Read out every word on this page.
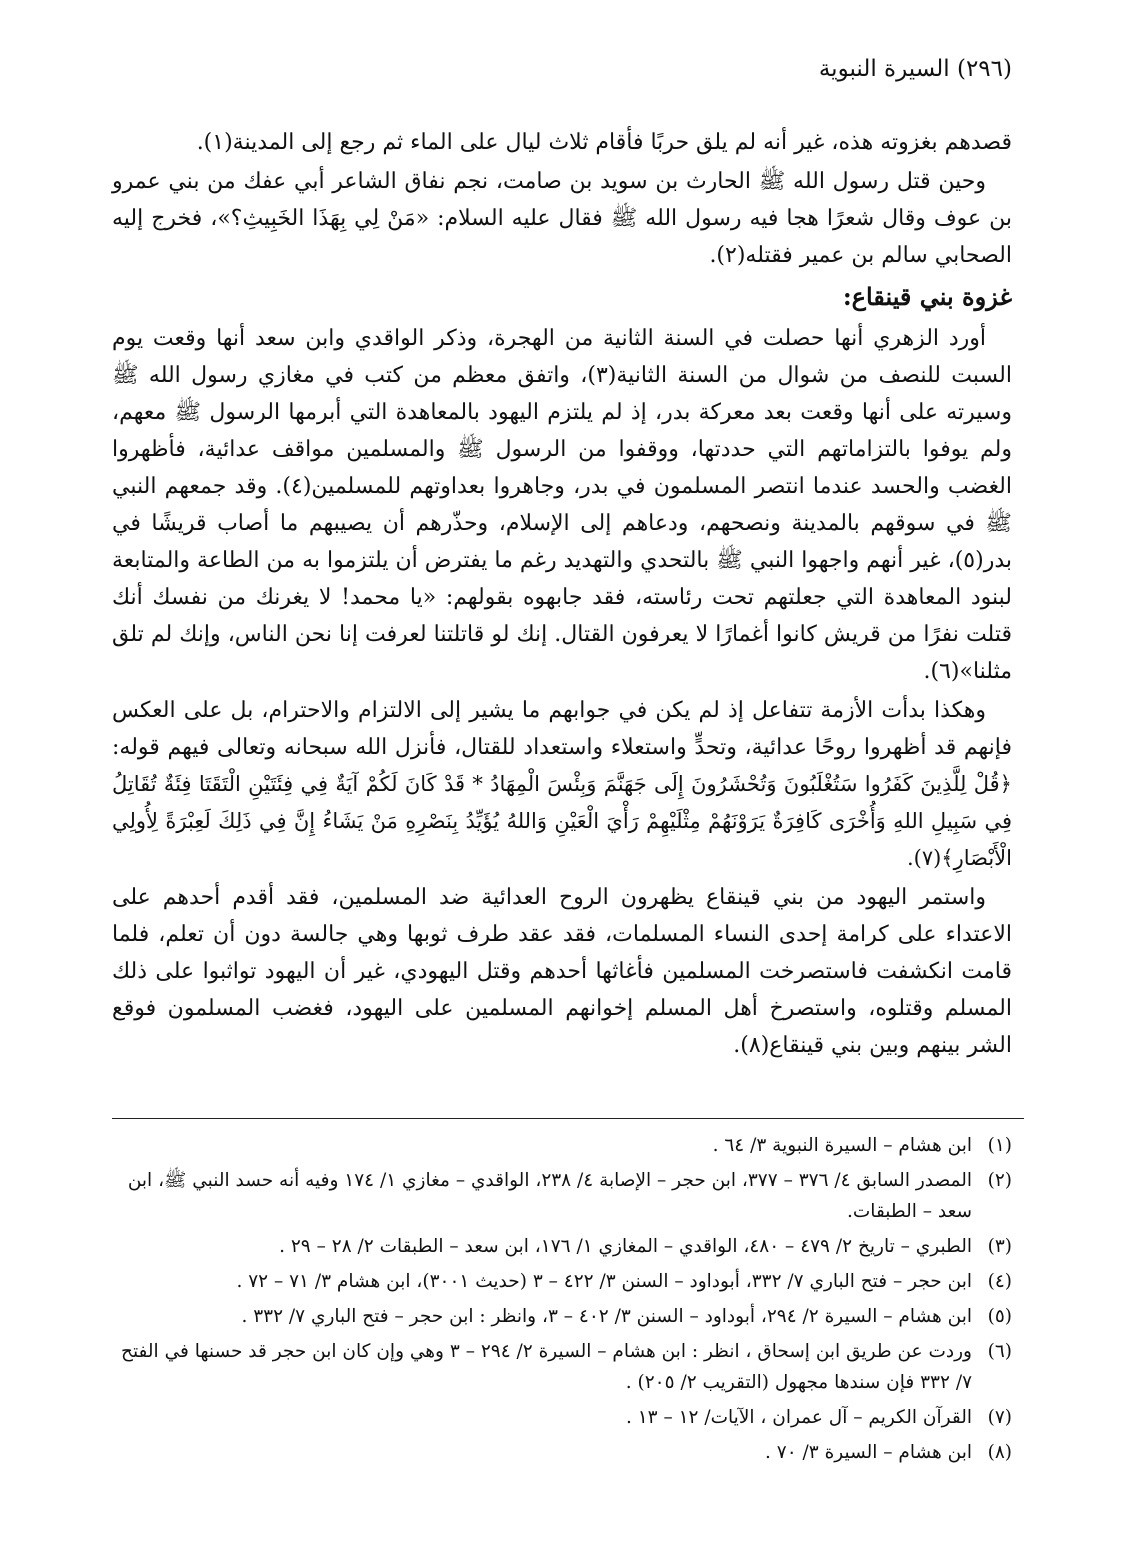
(٢٩٦) السيرة النبوية

قصدهم بغزوته هذه، غير أنه لم يلق حربًا فأقام ثلاث ليال على الماء ثم رجع إلى المدينة(١).

وحين قتل رسول الله ﷺ الحارث بن سويد بن صامت، نجم نفاق الشاعر أبي عفك من بني عمرو بن عوف وقال شعرًا هجا فيه رسول الله ﷺ فقال عليه السلام: «مَنْ لِي بِهَذَا الخَبِيثِ؟»، فخرج إليه الصحابي سالم بن عمير فقتله(٢).

غزوة بني قينقاع:

أورد الزهري أنها حصلت في السنة الثانية من الهجرة، وذكر الواقدي وابن سعد أنها وقعت يوم السبت للنصف من شوال من السنة الثانية(٣)، واتفق معظم من كتب في مغازي رسول الله ﷺ وسيرته على أنها وقعت بعد معركة بدر، إذ لم يلتزم اليهود بالمعاهدة التي أبرمها الرسول ﷺ معهم، ولم يوفوا بالتزاماتهم التي حددتها، ووقفوا من الرسول ﷺ والمسلمين مواقف عدائية، فأظهروا الغضب والحسد عندما انتصر المسلمون في بدر، وجاهروا بعداوتهم للمسلمين(٤). وقد جمعهم النبي ﷺ في سوقهم بالمدينة ونصحهم، ودعاهم إلى الإسلام، وحذّرهم أن يصيبهم ما أصاب قريشًا في بدر(٥)، غير أنهم واجهوا النبي ﷺ بالتحدي والتهديد رغم ما يفترض أن يلتزموا به من الطاعة والمتابعة لبنود المعاهدة التي جعلتهم تحت رئاسته، فقد جابهوه بقولهم: «يا محمد! لا يغرنك من نفسك أنك قتلت نفرًا من قريش كانوا أغمارًا لا يعرفون القتال. إنك لو قاتلتنا لعرفت إنا نحن الناس، وإنك لم تلق مثلنا»(٦).

وهكذا بدأت الأزمة تتفاعل إذ لم يكن في جوابهم ما يشير إلى الالتزام والاحترام، بل على العكس فإنهم قد أظهروا روحًا عدائية، وتحدٍّ واستعلاء واستعداد للقتال، فأنزل الله سبحانه وتعالى فيهم قوله: ﴿قُلْ لِلَّذِينَ كَفَرُوا سَتُغْلَبُونَ وَتُحْشَرُونَ إِلَى جَهَنَّمَ وَبِئْسَ الْمِهَادُ * قَدْ كَانَ لَكُمْ آيَةٌ فِي فِئَتَيْنِ الْتَقَتَا فِئَةٌ تُقَاتِلُ فِي سَبِيلِ اللهِ وَأُخْرَى كَافِرَةٌ يَرَوْنَهُمْ مِثْلَيْهِمْ رَأْيَ الْعَيْنِ وَاللهُ يُؤَيِّدُ بِنَصْرِهِ مَنْ يَشَاءُ إِنَّ فِي ذَلِكَ لَعِبْرَةً لِأُولِي الْأَبْصَارِ﴾(٧).

واستمر اليهود من بني قينقاع يظهرون الروح العدائية ضد المسلمين، فقد أقدم أحدهم على الاعتداء على كرامة إحدى النساء المسلمات، فقد عقد طرف ثوبها وهي جالسة دون أن تعلم، فلما قامت انكشفت فاستصرخت المسلمين فأغاثها أحدهم وقتل اليهودي، غير أن اليهود تواثبوا على ذلك المسلم وقتلوه، واستصرخ أهل المسلم إخوانهم المسلمين على اليهود، فغضب المسلمون فوقع الشر بينهم وبين بني قينقاع(٨).

(١)
ابن هشام – السيرة النبوية ٣/ ٦٤ .
(٢)
المصدر السابق ٤/ ٣٧٦ – ٣٧٧، ابن حجر – الإصابة ٤/ ٢٣٨، الواقدي – مغازي ١/ ١٧٤ وفيه أنه حسد النبي ﷺ، ابن سعد – الطبقات.
(٣)
الطبري – تاريخ ٢/ ٤٧٩ – ٤٨٠، الواقدي – المغازي ١/ ١٧٦، ابن سعد – الطبقات ٢/ ٢٨ – ٢٩ .
(٤)
ابن حجر – فتح الباري ٧/ ٣٣٢، أبوداود – السنن ٣/ ٤٢٢ – ٣ (حديث ٣٠٠١)، ابن هشام ٣/ ٧١ – ٧٢ .
(٥)
ابن هشام – السيرة ٢/ ٢٩٤، أبوداود – السنن ٣/ ٤٠٢ – ٣، وانظر : ابن حجر – فتح الباري ٧/ ٣٣٢ .
(٦)
وردت عن طريق ابن إسحاق ، انظر : ابن هشام – السيرة ٢/ ٢٩٤ – ٣ وهي وإن كان ابن حجر قد حسنها في الفتح ٧/ ٣٣٢ فإن سندها مجهول (التقريب ٢/ ٢٠٥) .
(٧)
القرآن الكريم – آل عمران ، الآيات/ ١٢ – ١٣ .
(٨)
ابن هشام – السيرة ٣/ ٧٠ .
